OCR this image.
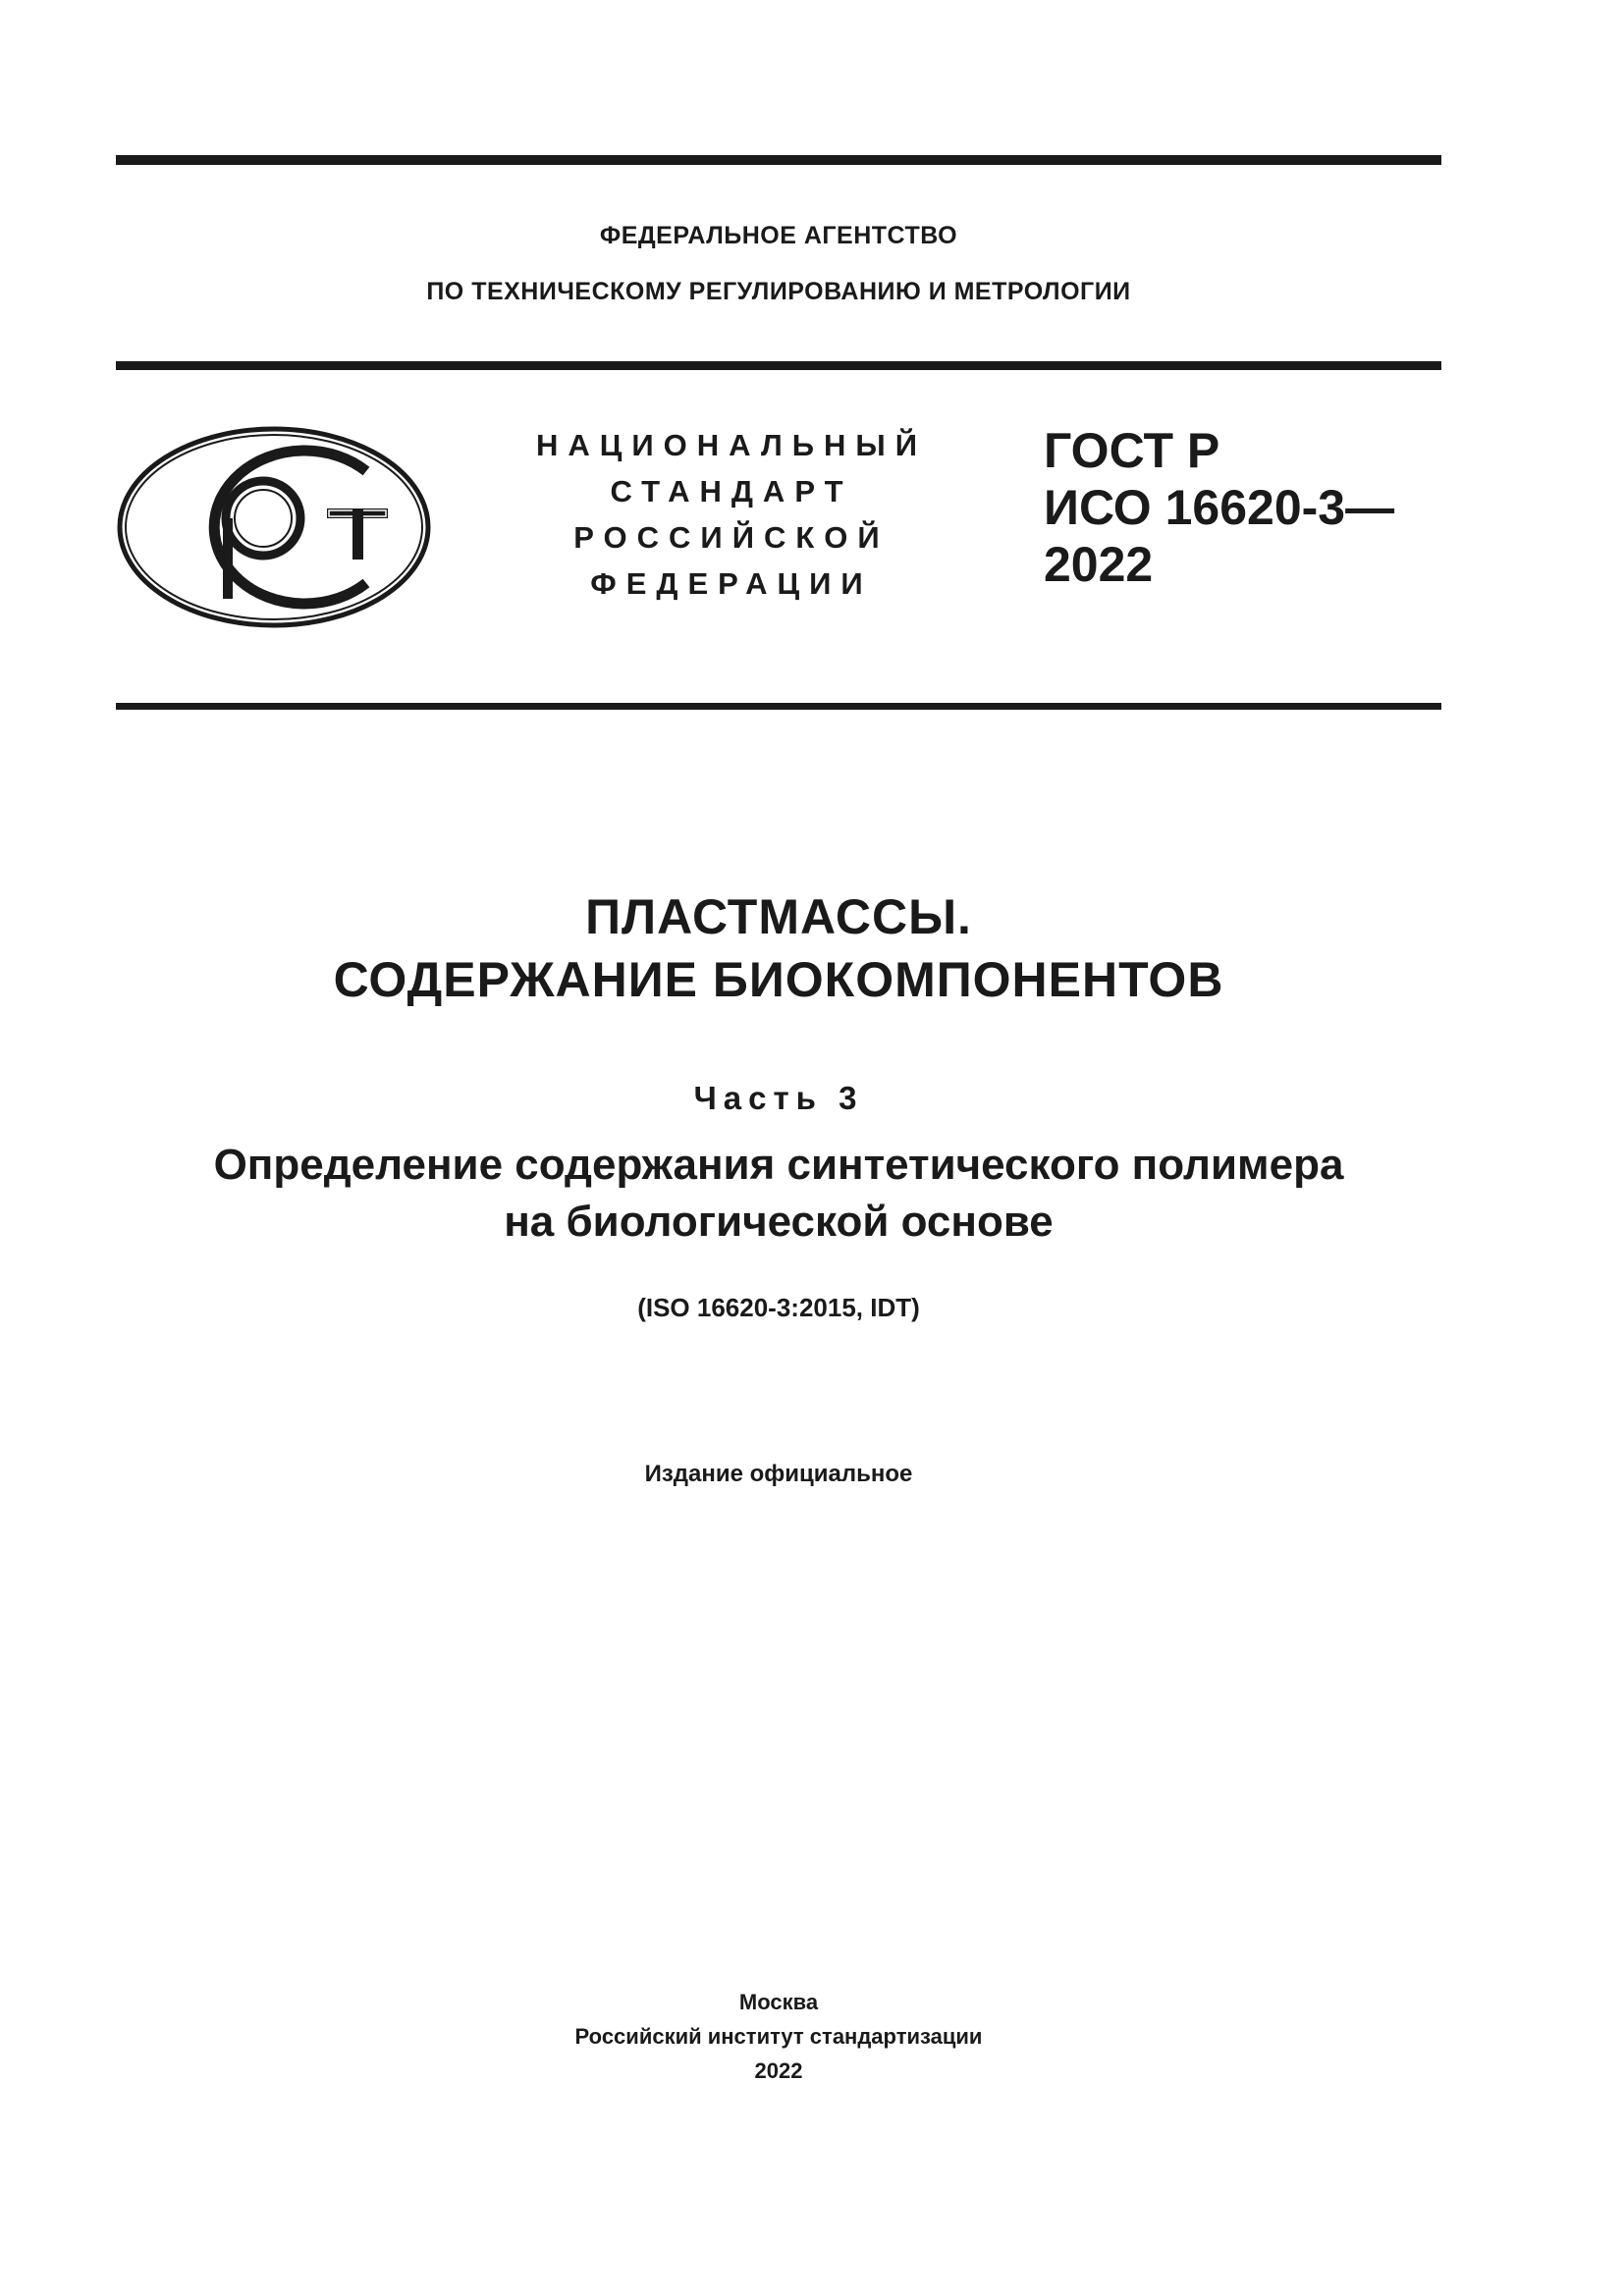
ФЕДЕРАЛЬНОЕ АГЕНТСТВО
ПО ТЕХНИЧЕСКОМУ РЕГУЛИРОВАНИЮ И МЕТРОЛОГИИ
НАЦИОНАЛЬНЫЙ
СТАНДАРТ
РОССИЙСКОЙ
ФЕДЕРАЦИИ
ГОСТ Р
ИСО 16620-3—
2022
ПЛАСТМАССЫ.
СОДЕРЖАНИЕ БИОКОМПОНЕНТОВ
Часть 3
Определение содержания синтетического полимера
на биологической основе
(ISO 16620-3:2015, IDT)
Издание официальное
Москва
Российский институт стандартизации
2022
